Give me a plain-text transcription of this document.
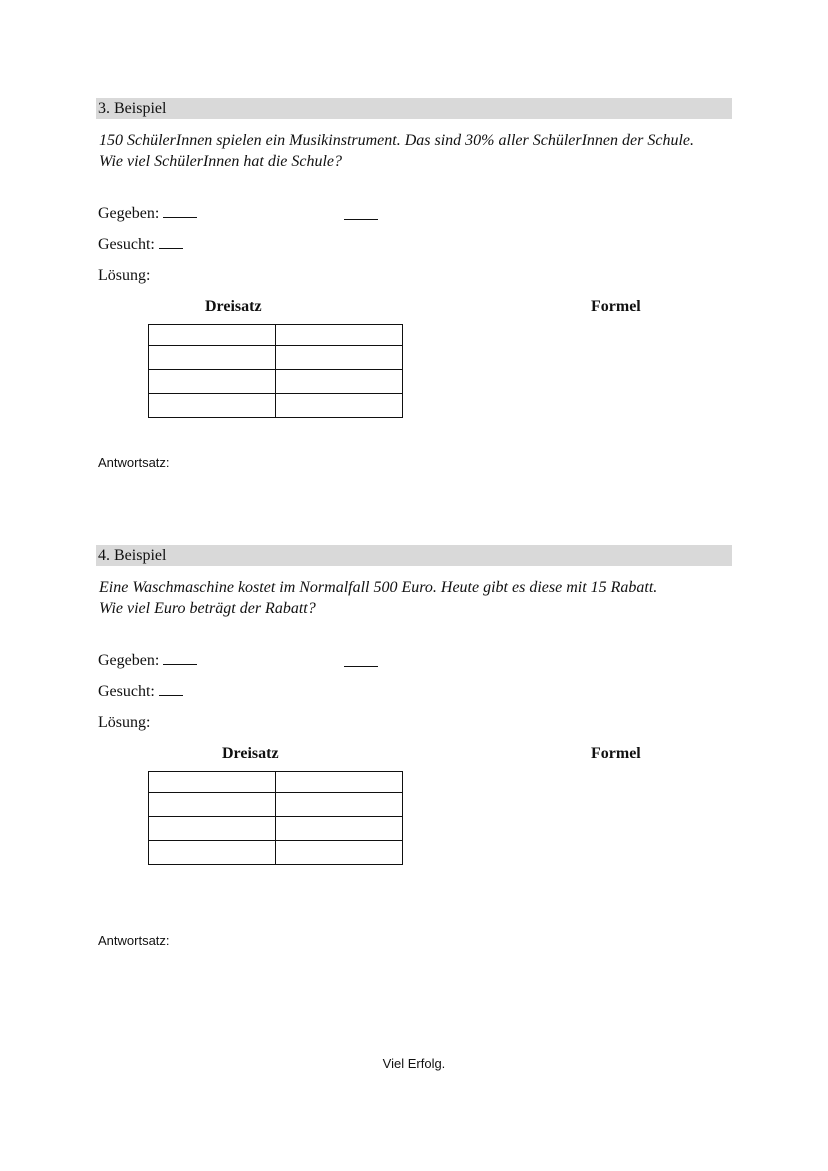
3. Beispiel
150 SchülerInnen spielen ein Musikinstrument. Das sind 30% aller SchülerInnen der Schule.
Wie viel SchülerInnen hat die Schule?
Gegeben:
Gesucht:
Lösung:
Dreisatz	Formel

Antwortsatz:
4. Beispiel
Eine Waschmaschine kostet im Normalfall 500 Euro. Heute gibt es diese mit 15 Rabatt.
Wie viel Euro beträgt der Rabatt?
Gegeben:
Gesucht:
Lösung:
Dreisatz	Formel

Antwortsatz:
Viel Erfolg.
